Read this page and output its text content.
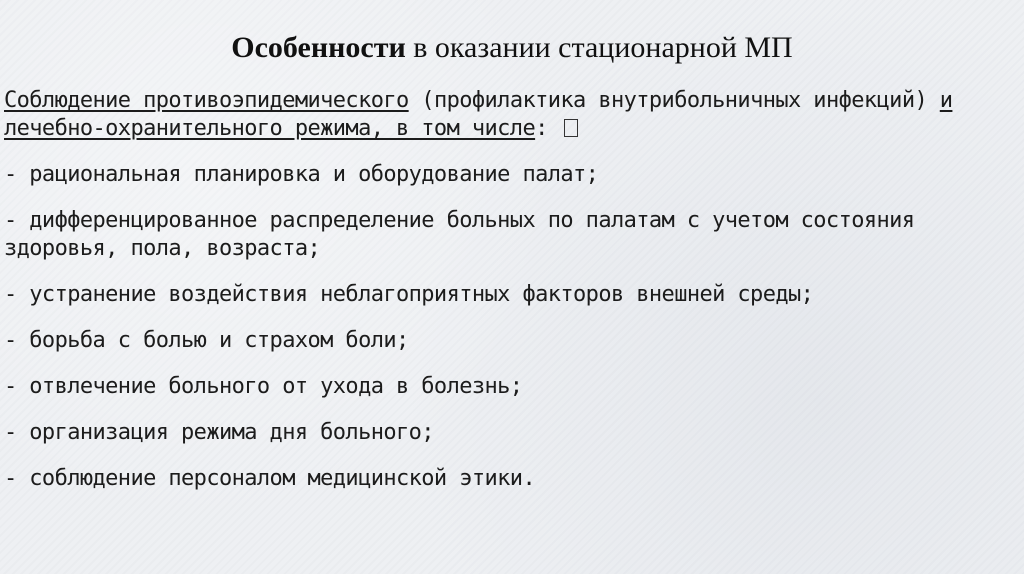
Особенности в оказании стационарной МП

Соблюдение противоэпидемического (профилактика внутрибольничных инфекций) и лечебно-охранительного режима, в том числе:

- рациональная планировка и оборудование палат;

- дифференцированное распределение больных по палатам с учетом состояния здоровья, пола, возраста;

- устранение воздействия неблагоприятных факторов внешней среды;

- борьба с болью и страхом боли;

- отвлечение больного от ухода в болезнь;

- организация режима дня больного;

- соблюдение персоналом медицинской этики.
